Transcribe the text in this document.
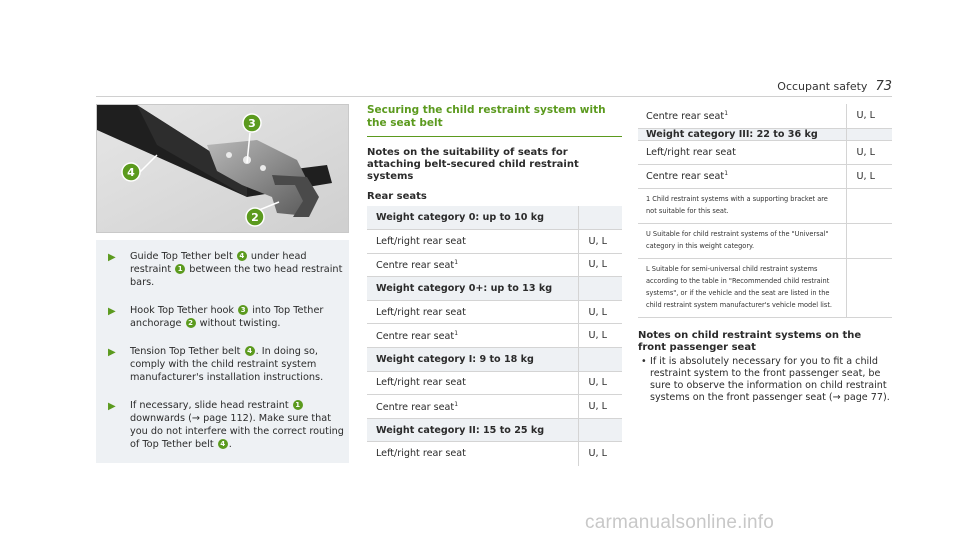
Occupant safety 73
3
4
2
▶	Guide Top Tether belt 4 under head restraint 1 between the two head restraint bars.
▶	Hook Top Tether hook 3 into Top Tether anchorage 2 without twisting.
▶	Tension Top Tether belt 4 . In doing so, comply with the child restraint system manufacturer's installation instructions.
▶	If necessary, slide head restraint 1 downwards (→ page 112). Make sure that you do not interfere with the correct routing of Top Tether belt 4 .
Securing the child restraint system with the seat belt
Notes on the suitability of seats for attaching belt-secured child restraint systems
Rear seats
Weight category 0: up to 10 kg	
Left/right rear seat	U, L
Centre rear seat$^1$	U, L
Weight category 0+: up to 13 kg	
Left/right rear seat	U, L
Centre rear seat$^1$	U, L
Weight category I: 9 to 18 kg	
Left/right rear seat	U, L
Centre rear seat$^1$	U, L
Weight category II: 15 to 25 kg	
Left/right rear seat	U, L
Centre rear seat$^1$	U, L
Weight category III: 22 to 36 kg	
Left/right rear seat	U, L
Centre rear seat$^1$	U, L
1 Child restraint systems with a supporting bracket are not suitable for this seat.	
U Suitable for child restraint systems of the "Universal" category in this weight category.	
L Suitable for semi-universal child restraint systems according to the table in "Recommended child restraint systems", or if the vehicle and the seat are listed in the child restraint system manufacturer's vehicle model list.	
Notes on child restraint systems on the front passenger seat
• If it is absolutely necessary for you to fit a child restraint system to the front passenger seat, be sure to observe the information on child restraint systems on the front passenger seat (→ page 77).
carmanualsonline.info
